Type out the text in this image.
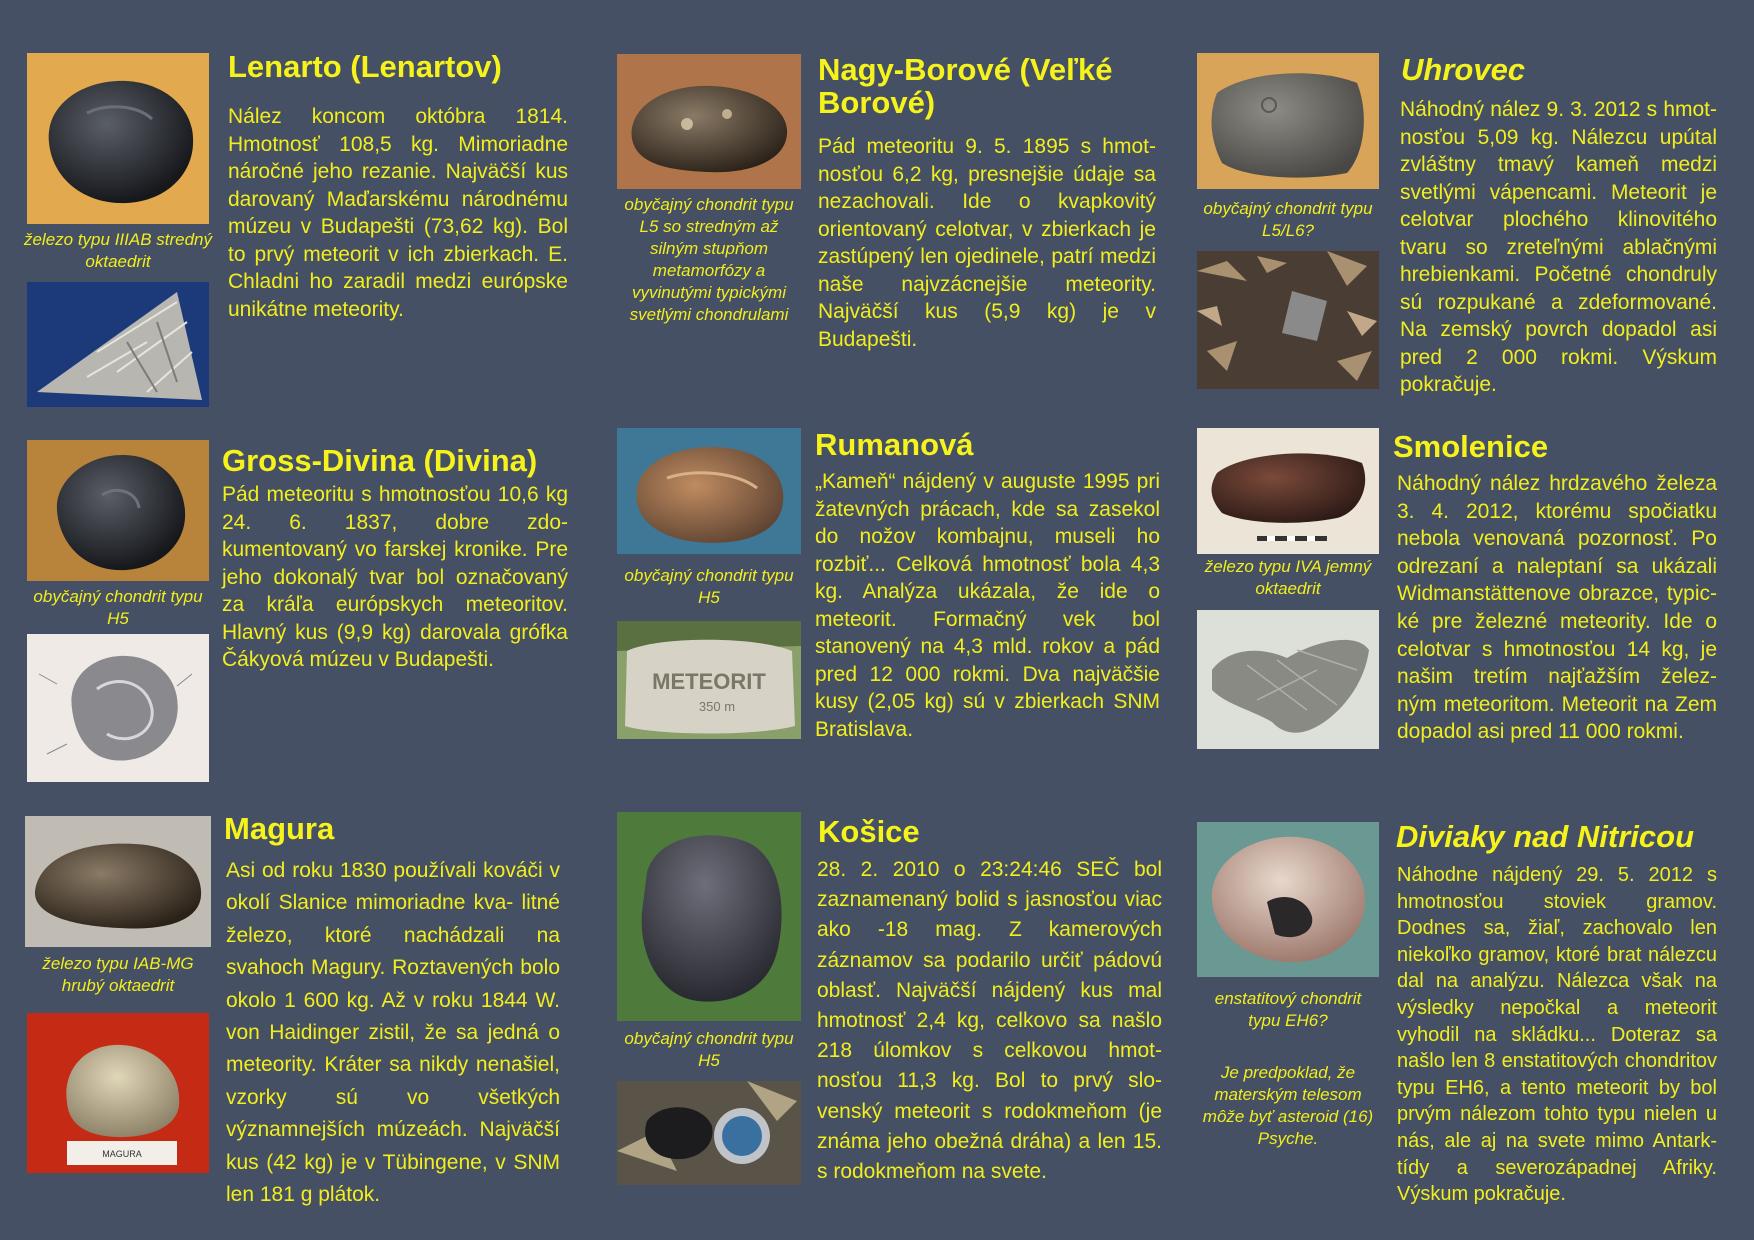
železo typu IIIAB stredný oktaedrit
Lenarto (Lenartov)
Nález koncom októbra 1814. Hmotnosť 108,5 kg. Mimoriadne náročné jeho rezanie. Najväčší kus darovaný Maďarskému národnému múzeu v Budapešti (73,62 kg). Bol to prvý meteorit v ich zbierkach. E. Chladni ho zaradil medzi európske unikátne meteority.
obyčajný chondrit typu L5 so stredným až silným stupňom metamorfózy a vyvinutými typickými svetlými chondrulami
Nagy-Borové (Veľké Borové)
Pád meteoritu 9. 5. 1895 s hmot- nosťou 6,2 kg, presnejšie údaje sa nezachovali. Ide o kvapkovitý orientovaný celotvar, v zbierkach je zastúpený len ojedinele, patrí medzi naše najvzácnejšie meteority. Najväčší kus (5,9 kg) je v Budapešti.
obyčajný chondrit typu L5/L6?
Uhrovec
Náhodný nález 9. 3. 2012 s hmot- nosťou 5,09 kg. Nálezcu upútal zvláštny tmavý kameň medzi svetlými vápencami. Meteorit je celotvar plochého klinovitého tvaru so zreteľnými ablačnými hrebienkami. Početné chondruly sú rozpukané a zdeformované. Na zemský povrch dopadol asi pred 2 000 rokmi. Výskum pokračuje.
obyčajný chondrit typu H5
Gross-Divina (Divina)
Pád meteoritu s hmotnosťou 10,6 kg 24. 6. 1837, dobre zdo- kumentovaný vo farskej kronike. Pre jeho dokonalý tvar bol označovaný za kráľa európskych meteoritov. Hlavný kus (9,9 kg) darovala grófka Čákyová múzeu v Budapešti.
obyčajný chondrit typu H5
METEORIT
350 m
Rumanová
„Kameň“ nájdený v auguste 1995 pri žatevných prácach, kde sa zasekol do nožov kombajnu, museli ho rozbiť... Celková hmotnosť bola 4,3 kg. Analýza ukázala, že ide o meteorit. Formačný vek bol stanovený na 4,3 mld. rokov a pád pred 12 000 rokmi. Dva najväčšie kusy (2,05 kg) sú v zbierkach SNM Bratislava.
železo typu IVA jemný oktaedrit
Smolenice
Náhodný nález hrdzavého železa 3. 4. 2012, ktorému spočiatku nebola venovaná pozornosť. Po odrezaní a naleptaní sa ukázali Widmanstättenove obrazce, typic- ké pre železné meteority. Ide o celotvar s hmotnosťou 14 kg, je našim tretím najťažším želez- ným meteoritom. Meteorit na Zem dopadol asi pred 11 000 rokmi.
železo typu IAB-MG hrubý oktaedrit
MAGURA
Magura
Asi od roku 1830 používali kováči v okolí Slanice mimoriadne kva- litné železo, ktoré nachádzali na svahoch Magury. Roztavených bolo okolo 1 600 kg. Až v roku 1844 W. von Haidinger zistil, že sa jedná o meteority. Kráter sa nikdy nenašiel, vzorky sú vo všetkých významnejších múzeách. Najväčší kus (42 kg) je v Tübingene, v SNM len 181 g plátok.
obyčajný chondrit typu H5
Košice
28. 2. 2010 o 23:24:46 SEČ bol zaznamenaný bolid s jasnosťou viac ako -18 mag. Z kamerových záznamov sa podarilo určiť pádovú oblasť. Najväčší nájdený kus mal hmotnosť 2,4 kg, celkovo sa našlo 218 úlomkov s celkovou hmot- nosťou 11,3 kg. Bol to prvý slo- venský meteorit s rodokmeňom (je známa jeho obežná dráha) a len 15. s rodokmeňom na svete.
enstatitový chondrit typu EH6?
Je predpoklad, že materským telesom môže byť asteroid (16) Psyche.
Diviaky nad Nitricou
Náhodne nájdený 29. 5. 2012 s hmotnosťou stoviek gramov. Dodnes sa, žiaľ, zachovalo len niekoľko gramov, ktoré brat nálezcu dal na analýzu. Nálezca však na výsledky nepočkal a meteorit vyhodil na skládku... Doteraz sa našlo len 8 enstatitových chondritov typu EH6, a tento meteorit by bol prvým nálezom tohto typu nielen u nás, ale aj na svete mimo Antark- tídy a severozápadnej Afriky. Výskum pokračuje.
